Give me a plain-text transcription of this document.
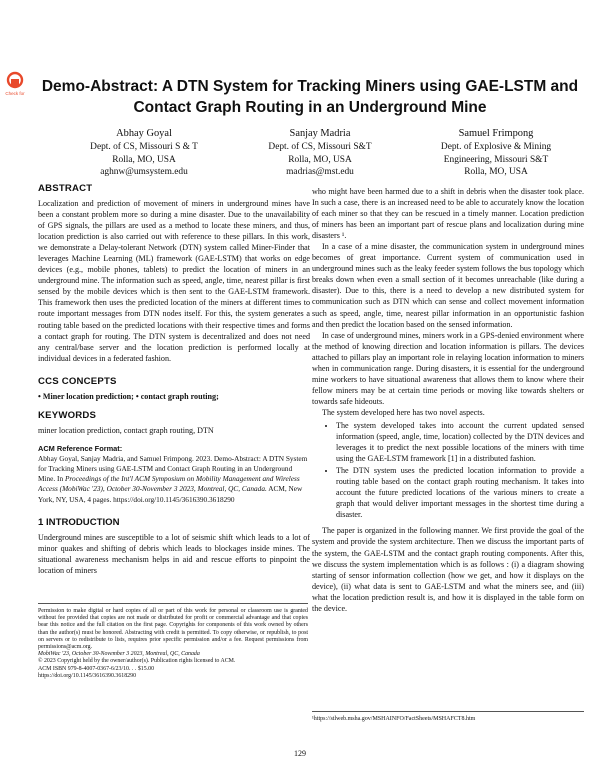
Check for Demo-Abstract: A DTN System for Tracking Miners using GAE-LSTM and Contact Graph Routing in an Underground Mine
Abhay Goyal
Dept. of CS, Missouri S & T
Rolla, MO, USA
aghnw@umsystem.edu
Sanjay Madria
Dept. of CS, Missouri S&T
Rolla, MO, USA
madrias@mst.edu
Samuel Frimpong
Dept. of Explosive & Mining
Engineering, Missouri S&T
Rolla, MO, USA
ABSTRACT

Localization and prediction of movement of miners in underground mines have been a constant problem more so during a mine disaster. Due to the unavailability of GPS signals, the pillars are used as a method to locate these miners, and thus, location prediction is also carried out with reference to these pillars. In this work, we demonstrate a Delay-tolerant Network (DTN) system called Miner-Finder that leverages Machine Learning (ML) framework (GAE-LSTM) that works on edge devices (e.g., mobile phones, tablets) to predict the location of miners in an underground mine. The information such as speed, angle, time, nearest pillar is first sensed by the mobile devices which is then sent to the GAE-LSTM framework. This framework then uses the predicted location of the miners at different times to route important messages from DTN nodes itself. For this, the system generates a routing table based on the predicted locations with their respective times and forms a contact graph for routing. The DTN system is decentralized and does not need any central/base server and the location prediction is performed locally at individual devices in a federated fashion.

CCS CONCEPTS

• Miner location prediction; • contact graph routing;

KEYWORDS

miner location prediction, contact graph routing, DTN

ACM Reference Format:
Abhay Goyal, Sanjay Madria, and Samuel Frimpong. 2023. Demo-Abstract: A DTN System for Tracking Miners using GAE-LSTM and Contact Graph Routing in an Underground Mine. In Proceedings of the Int'l ACM Symposium on Mobility Management and Wireless Access (MobiWac '23), October 30-November 3 2023, Montreal, QC, Canada. ACM, New York, NY, USA, 4 pages. https://doi.org/10.1145/3616390.3618290
1 INTRODUCTION

Underground mines are susceptible to a lot of seismic shift which leads to a lot of minor quakes and shifting of debris which leads to blockages inside mines. The situational awareness mechanism helps in aid and rescue efforts to pinpoint the location of miners

Permission to make digital or hard copies of all or part of this work for personal or classroom use is granted without fee provided that copies are not made or distributed for profit or commercial advantage and that copies bear this notice and the full citation on the first page. Copyrights for components of this work owned by others than the author(s) must be honored. Abstracting with credit is permitted. To copy otherwise, or republish, to post on servers or to redistribute to lists, requires prior specific permission and/or a fee. Request permissions from permissions@acm.org.
MobiWac '23, October 30-November 3 2023, Montreal, QC, Canada
© 2023 Copyright held by the owner/author(s). Publication rights licensed to ACM.
ACM ISBN 979-8-4007-0367-6/23/10. . . $15.00
https://doi.org/10.1145/3616390.3618290

who might have been harmed due to a shift in debris when the disaster took place. In such a case, there is an increased need to be able to accurately know the location of each miner so that they can be rescued in a timely manner. Location prediction of miners has been an important part of rescue plans and localization during mine disasters ¹.

In a case of a mine disaster, the communication system in underground mines becomes of great importance. Current system of communication used in underground mines such as the leaky feeder system follows the bus topology which breaks down when even a small section of it becomes unreachable (like during a disaster). Due to this, there is a need to develop a new distributed system for communication such as DTN which can sense and collect movement information such as speed, angle, time, nearest pillar information in an opportunistic fashion and then predict the location based on the sensed information.

In case of underground mines, miners work in a GPS-denied environment where the method of knowing direction and location information is pillars. The devices attached to pillars play an important role in relaying location information to miners when in communication range. During disasters, it is essential for the underground mine workers to have situational awareness that allows them to know where their fellow miners may be at certain time periods or moving like towards shelters or towards safe hideouts.

The system developed here has two novel aspects.

• The system developed takes into account the current updated sensed information (speed, angle, time, location) collected by the DTN devices and leverages it to predict the next possible locations of the miners with time using the GAE-LSTM framework [1] in a distributed fashion.
• The DTN system uses the predicted location information to provide a routing table based on the contact graph routing mechanism. It takes into account the future predicted locations of the various miners to create a graph that would deliver important messages in the shortest time during a disaster.

The paper is organized in the following manner. We first provide the goal of the system and provide the system architecture. Then we discuss the important parts of the system, the GAE-LSTM and the contact graph routing components. After this, we discuss the system implementation which is as follows : (i) a diagram showing starting of sensor information collection (how we get, and how it displays on the device), (ii) what data is sent to GAE-LSTM and what the miners see, and (iii) what the location prediction result is, and how it is displayed in the table form on the device.

¹https://stlweb.msha.gov/MSHAINFO/FactSheets/MSHAFCT8.htm
129
